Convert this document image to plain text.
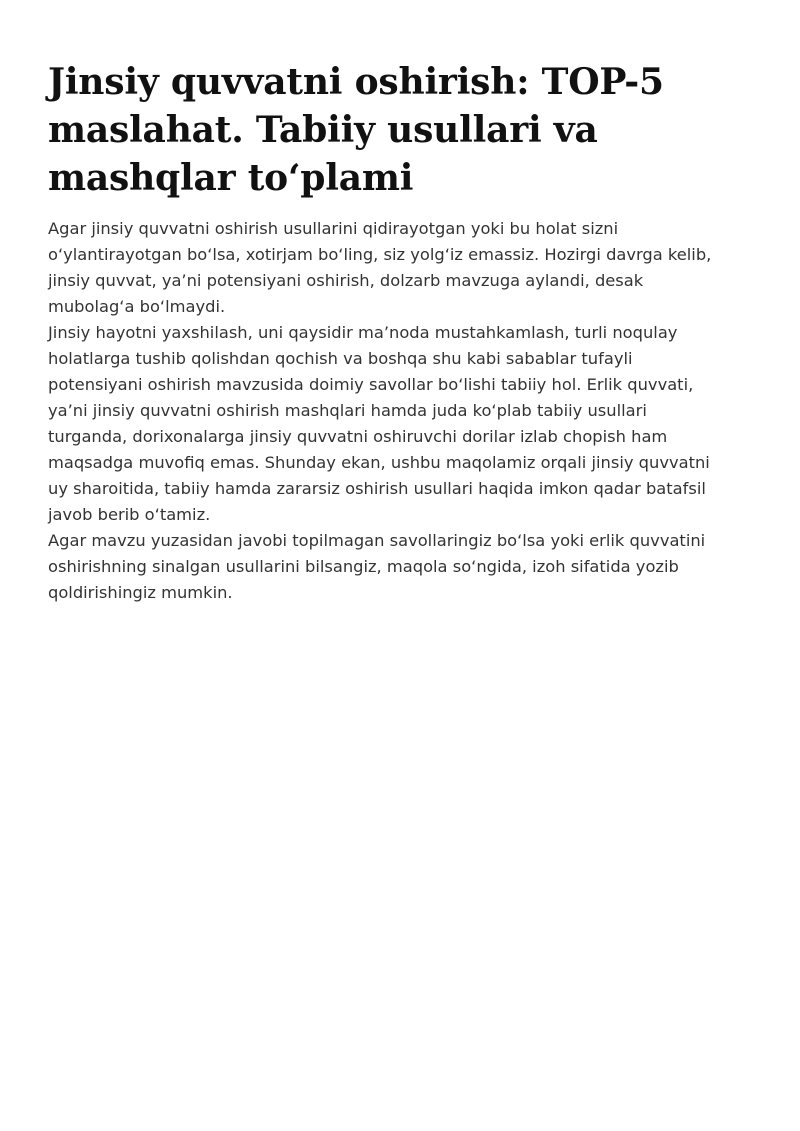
Jinsiy quvvatni oshirish: TOP-5 maslahat. Tabiiy usullari va mashqlar to‘plami

Agar jinsiy quvvatni oshirish usullarini qidirayotgan yoki bu holat sizni o‘ylantirayotgan bo‘lsa, xotirjam bo‘ling, siz yolg‘iz emassiz. Hozirgi davrga kelib, jinsiy quvvat, ya’ni potensiyani oshirish, dolzarb mavzuga aylandi, desak mubolag‘a bo‘lmaydi.

Jinsiy hayotni yaxshilash, uni qaysidir ma’noda mustahkamlash, turli noqulay holatlarga tushib qolishdan qochish va boshqa shu kabi sabablar tufayli potensiyani oshirish mavzusida doimiy savollar bo‘lishi tabiiy hol. Erlik quvvati, ya’ni jinsiy quvvatni oshirish mashqlari hamda juda ko‘plab tabiiy usullari turganda, dorixonalarga jinsiy quvvatni oshiruvchi dorilar izlab chopish ham maqsadga muvofiq emas. Shunday ekan, ushbu maqolamiz orqali jinsiy quvvatni uy sharoitida, tabiiy hamda zararsiz oshirish usullari haqida imkon qadar batafsil javob berib o‘tamiz.

Agar mavzu yuzasidan javobi topilmagan savollaringiz bo‘lsa yoki erlik quvvatini oshirishning sinalgan usullarini bilsangiz, maqola so‘ngida, izoh sifatida yozib qoldirishingiz mumkin.
